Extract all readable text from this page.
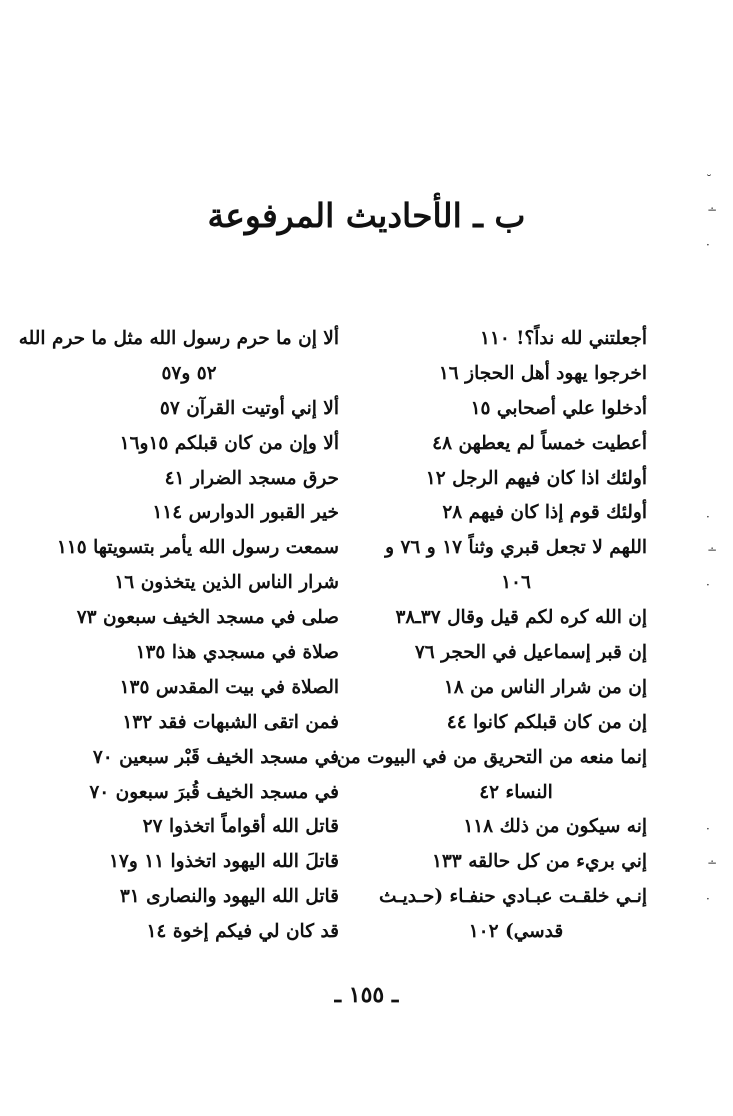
ب ـ الأحاديث المرفوعة
أجعلتني لله نداً؟! ١١٠
اخرجوا يهود أهل الحجاز ١٦
أدخلوا علي أصحابي ١٥
أعطيت خمساً لم يعطهن ٤٨
أولئك اذا كان فيهم الرجل ١٢
أولئك قوم إذا كان فيهم ٢٨
اللهم لا تجعل قبري وثناً ١٧ و ٧٦ و
١٠٦
إن الله كره لكم قيل وقال ٣٧ـ٣٨
إن قبر إسماعيل في الحجر ٧٦
إن من شرار الناس من ١٨
إن من كان قبلكم كانوا ٤٤
إنما منعه من التحريق من في البيوت من
النساء ٤٢
إنه سيكون من ذلك ١١٨
إني بريء من كل حالقه ١٣٣
إنـي خلقـت عبـادي حنفـاء (حـديـث
قدسي) ١٠٢
ألا إن ما حرم رسول الله مثل ما حرم الله
٥٢ و٥٧
ألا إني أوتيت القرآن ٥٧
ألا وإن من كان قبلكم ١٥و١٦
حرق مسجد الضرار ٤١
خير القبور الدوارس ١١٤
سمعت رسول الله يأمر بتسويتها ١١٥
شرار الناس الذين يتخذون ١٦
صلى في مسجد الخيف سبعون ٧٣
صلاة في مسجدي هذا ١٣٥
الصلاة في بيت المقدس ١٣٥
فمن اتقى الشبهات فقد ١٣٢
في مسجد الخيف قَبْر سبعين ٧٠
في مسجد الخيف قُبرَ سبعون ٧٠
قاتل الله أقواماً اتخذوا ٢٧
قاتلَ الله اليهود اتخذوا ١١ و١٧
قاتل الله اليهود والنصارى ٣١
قد كان لي فيكم إخوة ١٤
ـ ١٥٥ ـ
˘
∸
·
·
∸
·
·
∸
·
